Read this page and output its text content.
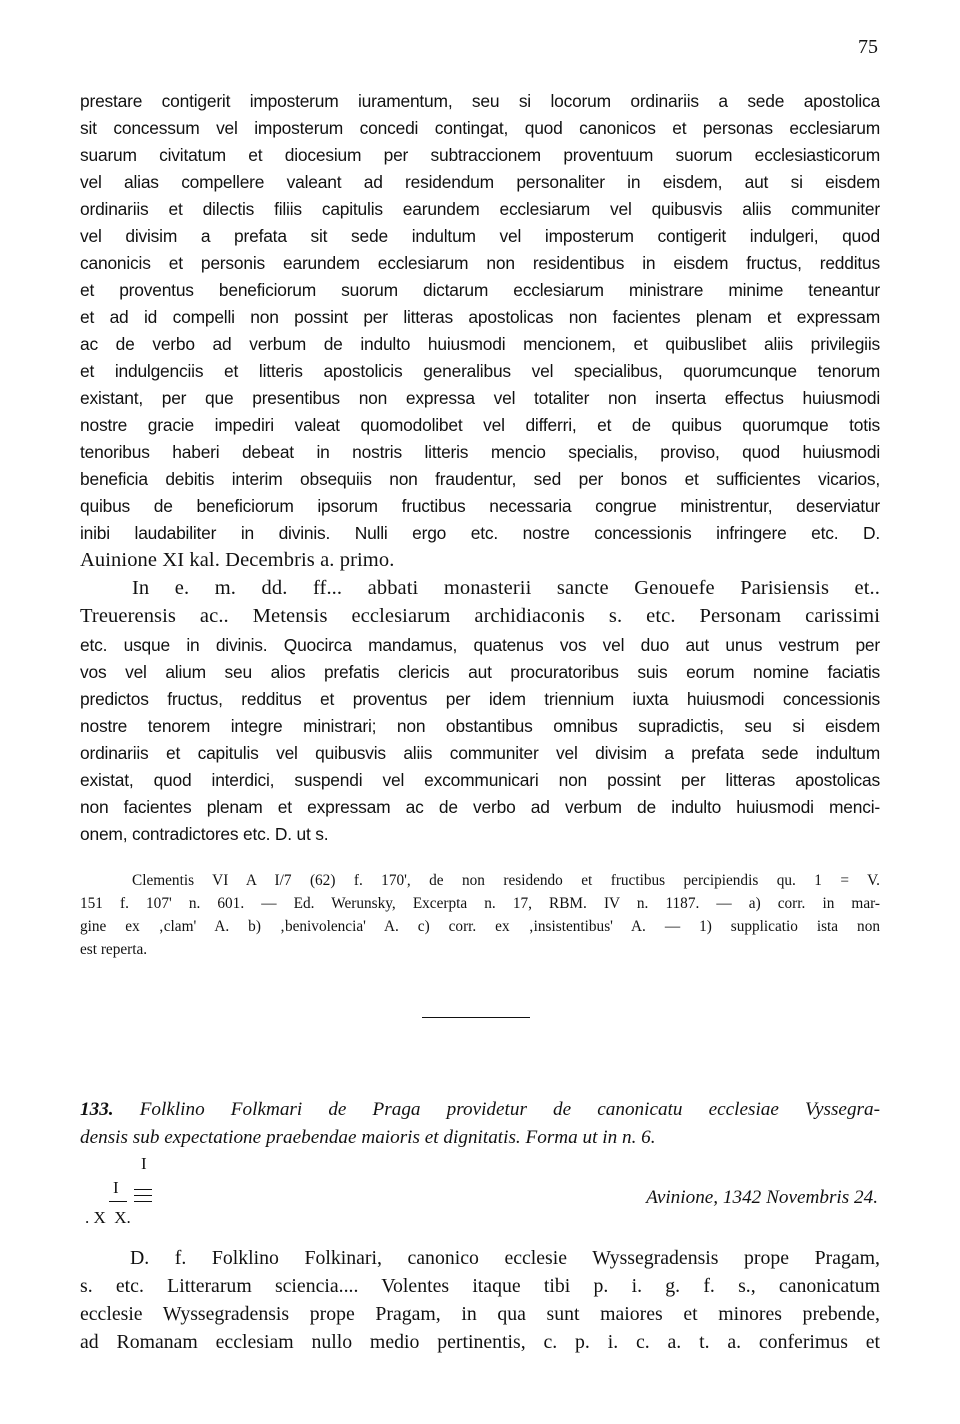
75
prestare contigerit imposterum iuramentum, seu si locorum ordinariis a sede apostolica
sit concessum vel imposterum concedi contingat, quod canonicos et personas ecclesiarum
suarum civitatum et diocesium per subtraccionem proventuum suorum ecclesiasticorum
vel alias compellere valeant ad residendum personaliter in eisdem, aut si eisdem
ordinariis et dilectis filiis capitulis earundem ecclesiarum vel quibusvis aliis communiter
vel divisim a prefata sit sede indultum vel imposterum contigerit indulgeri, quod
canonicis et personis earundem ecclesiarum non residentibus in eisdem fructus, redditus
et proventus beneficiorum suorum dictarum ecclesiarum ministrare minime teneantur
et ad id compelli non possint per litteras apostolicas non facientes plenam et expressam
ac de verbo ad verbum de indulto huiusmodi mencionem, et quibuslibet aliis privilegiis
et indulgenciis et litteris apostolicis generalibus vel specialibus, quorumcunque tenorum
existant, per que presentibus non expressa vel totaliter non inserta effectus huiusmodi
nostre gracie impediri valeat quomodolibet vel differri, et de quibus quorumque totis
tenoribus haberi debeat in nostris litteris mencio specialis, proviso, quod huiusmodi
beneficia debitis interim obsequiis non fraudentur, sed per bonos et sufficientes vicarios,
quibus de beneficiorum ipsorum fructibus necessaria congrue ministrentur, deserviatur
inibi laudabiliter in divinis. Nulli ergo etc. nostre concessionis infringere etc. D.
Auinione XI kal. Decembris a. primo.
In e. m. dd. ff... abbati monasterii sancte Genouefe Parisiensis et..
Treuerensis ac.. Metensis ecclesiarum archidiaconis s. etc. Personam carissimi
etc. usque in divinis. Quocirca mandamus, quatenus vos vel duo aut unus vestrum per
vos vel alium seu alios prefatis clericis aut procuratoribus suis eorum nomine faciatis
predictos fructus, redditus et proventus per idem triennium iuxta huiusmodi concessionis
nostre tenorem integre ministrari; non obstantibus omnibus supradictis, seu si eisdem
ordinariis et capitulis vel quibusvis aliis communiter vel divisim a prefata sede indultum
existat, quod interdici, suspendi vel excommunicari non possint per litteras apostolicas
non facientes plenam et expressam ac de verbo ad verbum de indulto huiusmodi menci-
onem, contradictores etc. D. ut s.
Clementis VI A I/7 (62) f. 170', de non residendo et fructibus percipiendis qu. 1 = V.
151 f. 107' n. 601. — Ed. Werunsky, Excerpta n. 17, RBM. IV n. 1187. — a) corr. in mar-
gine ex ‚clam' A. b) ‚benivolencia' A. c) corr. ex ‚insistentibus' A. — 1) supplicatio ista non
est reperta.
133. Folklino Folkmari de Praga providetur de canonicatu ecclesiae Vyssegra-
densis sub expectatione praebendae maioris et dignitatis. Forma ut in n. 6.
I
I
. X  X.
Avinione, 1342 Novembris 24.
D. f. Folklino Folkinari, canonico ecclesie Wyssegradensis prope Pragam,
s. etc. Litterarum sciencia.... Volentes itaque tibi p. i. g. f. s., canonicatum
ecclesie Wyssegradensis prope Pragam, in qua sunt maiores et minores prebende,
ad Romanam ecclesiam nullo medio pertinentis, c. p. i. c. a. t. a. conferimus et
